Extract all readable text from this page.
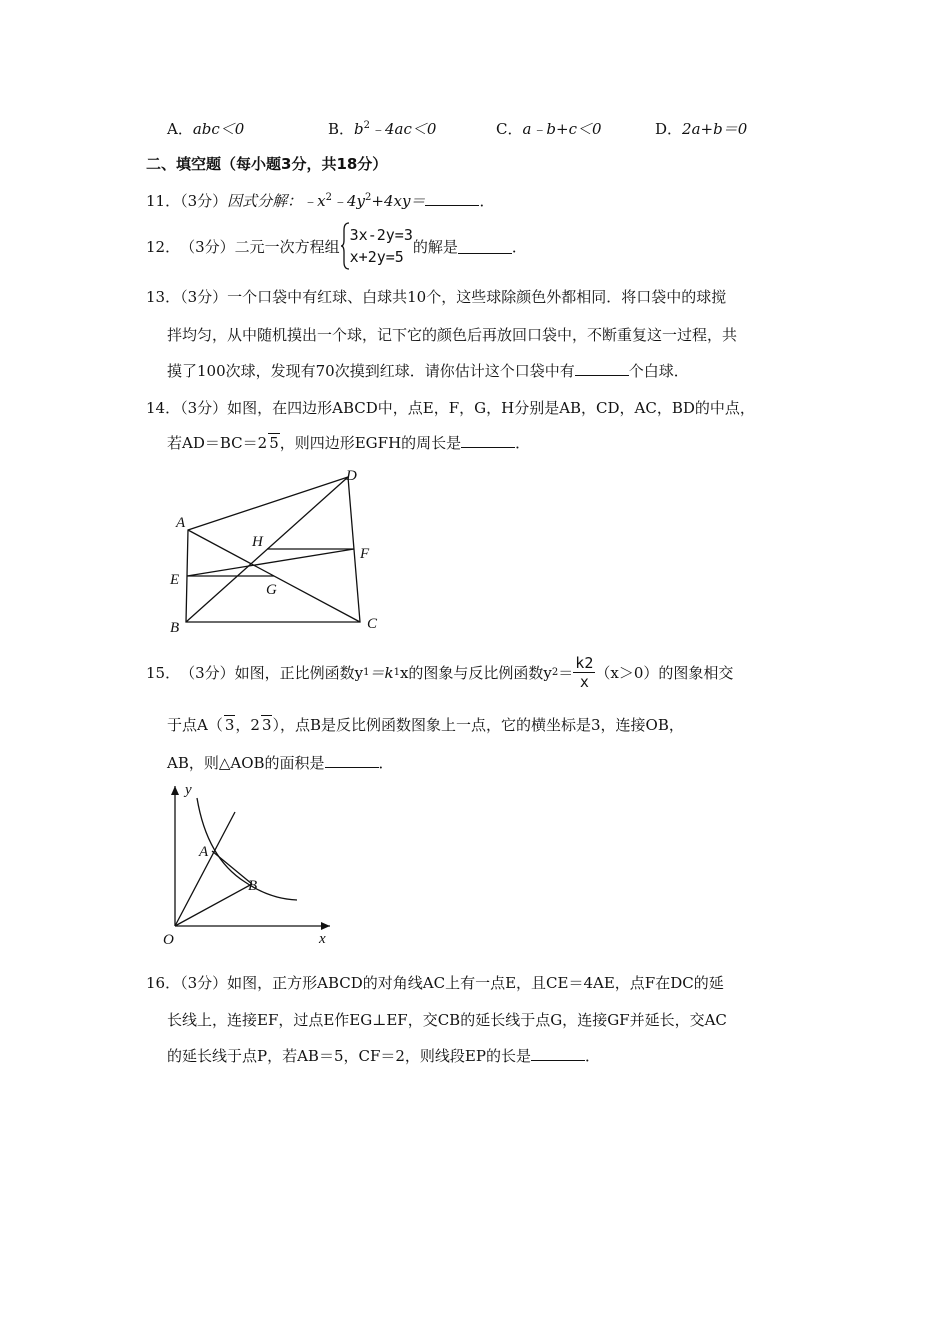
A．abc＜0	B．$b^2﹣4ac<0$	C．a﹣b+c＜0	D．2a+b＝0
二、填空题（每小题3分，共18分）
11．（3分）因式分解：$﹣x^2﹣4y^2+4xy=$	．
12． （3分） 二元一次方程组
3x-2y=3
x+2y=5
的解是	．
13．（3分）一个口袋中有红球、白球共10个，这些球除颜色外都相同．将口袋中的球搅
拌均匀，从中随机摸出一个球，记下它的颜色后再放回口袋中，不断重复这一过程，共
摸了100次球，发现有70次摸到红球．请你估计这个口袋中有	个白球．
14．（3分）如图，在四边形ABCD中，点E，F，G，H分别是AB，CD，AC，BD的中点，
若AD＝BC＝2 5，则四边形EGFH的周长是	．
A
B	C
D
E
F
G
H
15． （3分） 如图，正比例函数y 1 ＝k 1 x的图象与反比例函数y $2 = \frac{k2}{x} (x>0)$的图象相交
于点A（ 3，2 3），点B是反比例函数图象上一点，它的横坐标是3，连接OB，
AB，则△AOB的面积是	．
y
x
O
A
B
16．（3分）如图，正方形ABCD的对角线AC上有一点E，且CE＝4AE，点F在DC的延
长线上，连接EF，过点E作EG⊥EF，交CB的延长线于点G，连接GF并延长，交AC
的延长线于点P，若AB＝5，CF＝2，则线段EP的长是	．
